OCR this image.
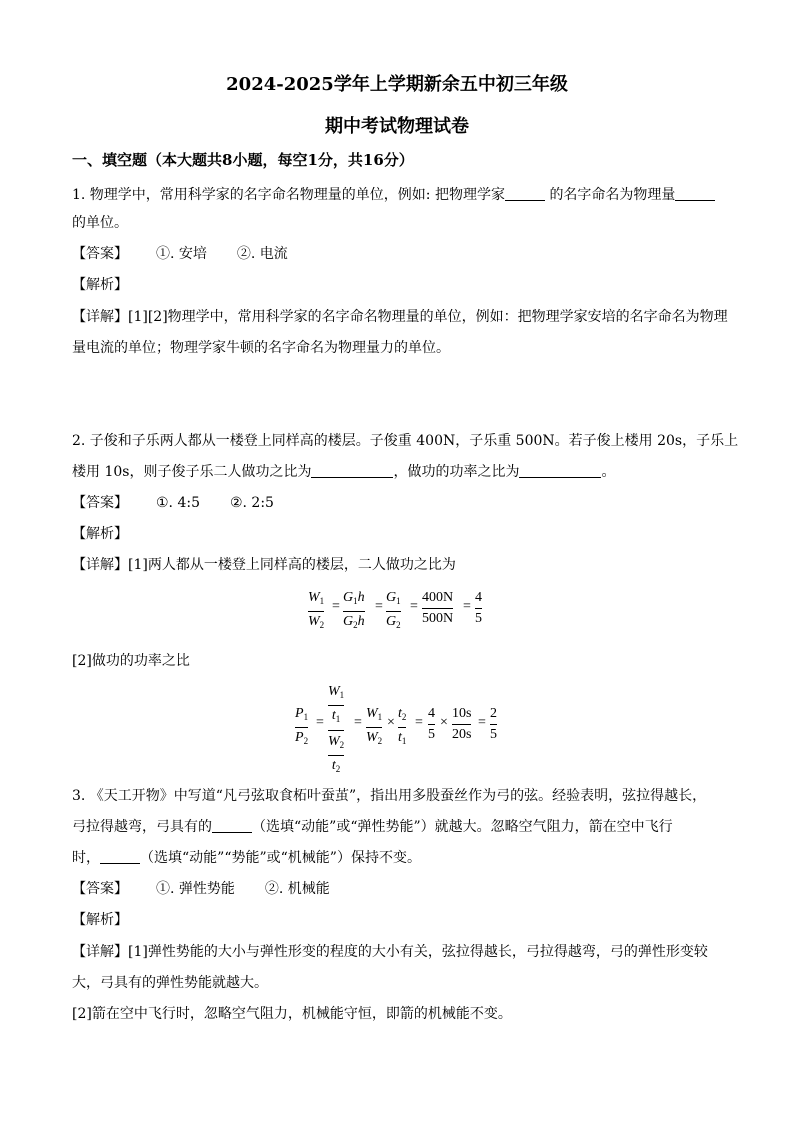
2024-2025学年上学期新余五中初三年级
期中考试物理试卷
一、填空题（本大题共8小题，每空1分，共16分）
1. 物理学中，常用科学家的名字命名物理量的单位，例如: 把物理学家	的名字命名为物理量
的单位。
【答案】 ①. 安培 ②. 电流
【解析】
【详解】[1][2]物理学中，常用科学家的名字命名物理量的单位，例如：把物理学家安培的名字命名为物理
量电流的单位；物理学家牛顿的名字命名为物理量力的单位。
2. 子俊和子乐两人都从一楼登上同样高的楼层。子俊重 400N，子乐重 500N。若子俊上楼用 20s，子乐上
楼用 10s，则子俊子乐二人做功之比为	，做功的功率之比为	。
【答案】 ①. 4:5 ②. 2:5
【解析】
【详解】[1]两人都从一楼登上同样高的楼层，二人做功之比为
$W_1$
$W_2$
=
$G_1h$
$G_2h$
=
$G_1$
$G_2$
=
400N
500N
=
4
5
[2]做功的功率之比
$P_1$
$P_2$
=
$W_1$
$t_1$
$W_2$
$t_2$
=
$W_1$
$W_2$
×
$t_2$
$t_1$
=
4
5
×
10s
20s
=
2
5
3. 《天工开物》中写道“凡弓弦取食柘叶蚕茧”，指出用多股蚕丝作为弓的弦。经验表明，弦拉得越长，
弓拉得越弯，弓具有的	（选填“动能”或“弹性势能”）就越大。忽略空气阻力，箭在空中飞行
时，	（选填“动能”“势能”或“机械能”）保持不变。
【答案】 ①. 弹性势能 ②. 机械能
【解析】
【详解】[1]弹性势能的大小与弹性形变的程度的大小有关，弦拉得越长，弓拉得越弯，弓的弹性形变较
大，弓具有的弹性势能就越大。
[2]箭在空中飞行时，忽略空气阻力，机械能守恒，即箭的机械能不变。
